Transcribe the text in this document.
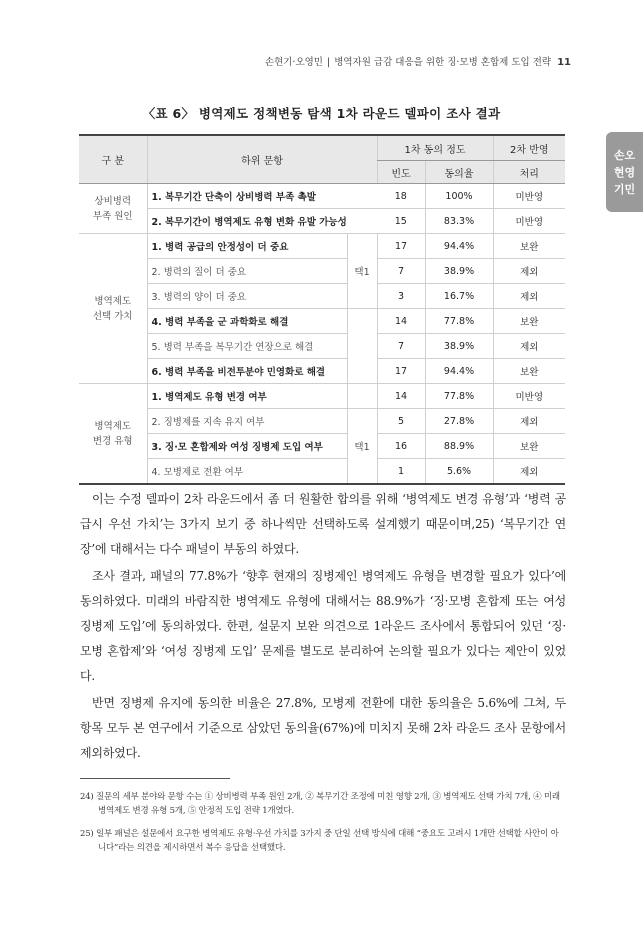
손현기·오영민 | 병역자원 급감 대응을 위한 징·모병 혼합제 도입 전략 11
손오
현영
기민
〈표 6〉 병역제도 정책변동 탐색 1차 라운드 델파이 조사 결과
구 분	하위 문항		1차 동의 정도		2차 반영
			빈도	동의율	처리
상비병력
부족 원인	1. 복무기간 단축이 상비병력 부족 촉발		18	100%	미반영
	2. 복무기간이 병역제도 유형 변화 유발 가능성		15	83.3%	미반영
병역제도
선택 가치	1. 병력 공급의 안정성이 더 중요	택1	17	94.4%	보완
	2. 병력의 질이 더 중요		7	38.9%	제외
	3. 병력의 양이 더 중요		3	16.7%	제외
	4. 병력 부족을 군 과학화로 해결		14	77.8%	보완
	5. 병력 부족을 복무기간 연장으로 해결		7	38.9%	제외
	6. 병력 부족을 비전투분야 민영화로 해결		17	94.4%	보완
병역제도
변경 유형	1. 병역제도 유형 변경 여부		14	77.8%	미반영
	2. 징병제를 지속 유지 여부	택1	5	27.8%	제외
	3. 징·모 혼합제와 여성 징병제 도입 여부		16	88.9%	보완
	4. 모병제로 전환 여부		1	5.6%	제외

이는 수정 델파이 2차 라운드에서 좀 더 원활한 합의를 위해 ‘병역제도 변경 유형’과 ‘병력 공급시 우선 가치’는 3가지 보기 중 하나씩만 선택하도록 설계했기 때문이며,25) ‘복무기간 연장’에 대해서는 다수 패널이 부동의 하였다.

조사 결과, 패널의 77.8%가 ‘향후 현재의 징병제인 병역제도 유형을 변경할 필요가 있다’에 동의하였다. 미래의 바람직한 병역제도 유형에 대해서는 88.9%가 ‘징·모병 혼합제 또는 여성 징병제 도입’에 동의하였다. 한편, 설문지 보완 의견으로 1라운드 조사에서 통합되어 있던 ‘징·모병 혼합제’와 ‘여성 징병제 도입’ 문제를 별도로 분리하여 논의할 필요가 있다는 제안이 있었다.

반면 징병제 유지에 동의한 비율은 27.8%, 모병제 전환에 대한 동의율은 5.6%에 그쳐, 두 항목 모두 본 연구에서 기준으로 삼았던 동의율(67%)에 미치지 못해 2차 라운드 조사 문항에서 제외하였다.

24) 질문의 세부 분야와 문항 수는 ① 상비병력 부족 원인 2개, ② 복무기간 조정에 미친 영향 2개, ③ 병역제도 선택 가치 7개, ④ 미래 병역제도 변경 유형 5개, ⑤ 안정적 도입 전략 1개였다.
25) 일부 패널은 설문에서 요구한 병역제도 유형·우선 가치를 3가지 중 단일 선택 방식에 대해 “중요도 고려시 1개만 선택할 사안이 아니다”라는 의견을 제시하면서 복수 응답을 선택했다.
